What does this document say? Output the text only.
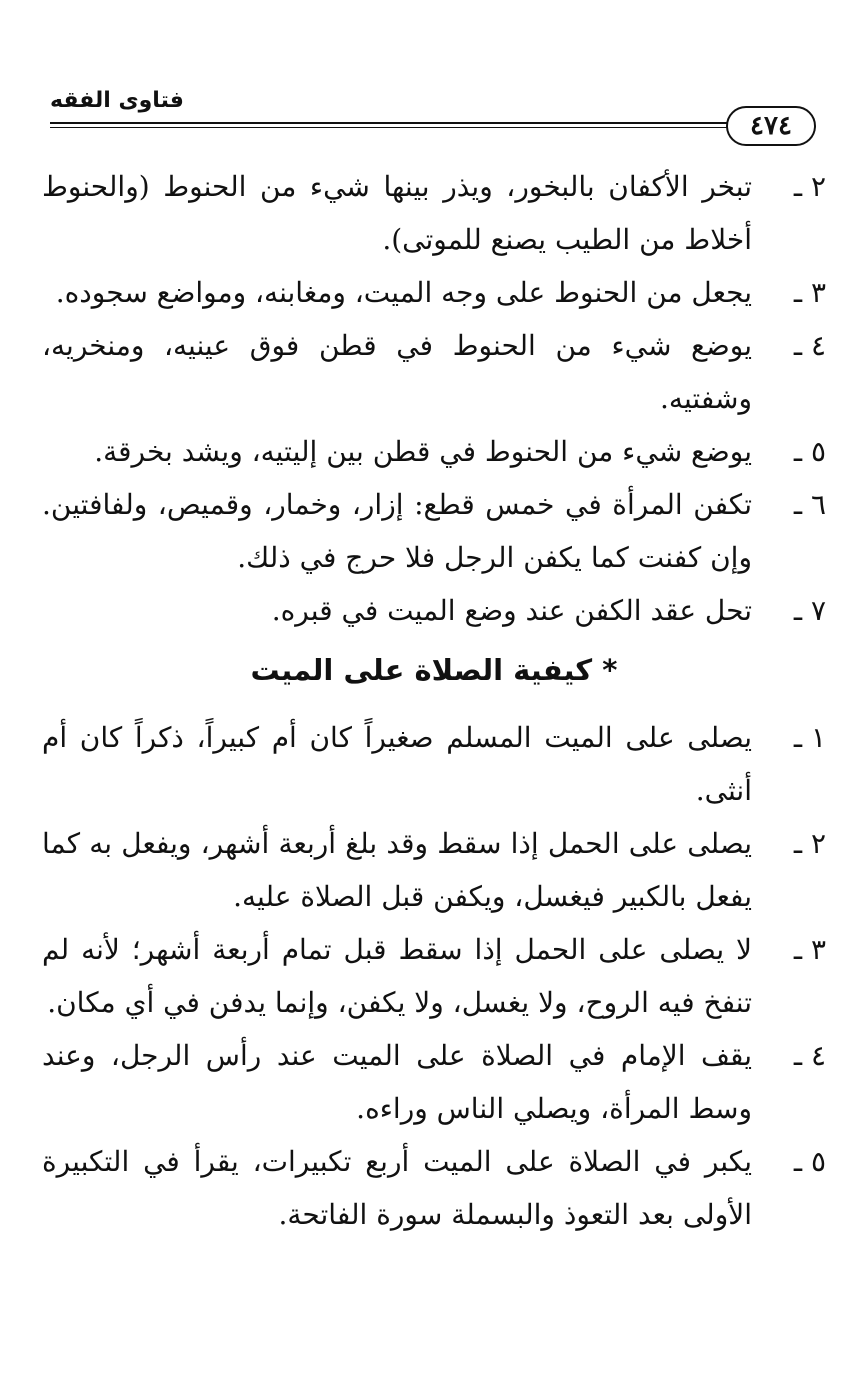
فتاوى الفقه
٤٧٤
٢ ـ
تبخر الأكفان بالبخور، ويذر بينها شيء من الحنوط (والحنوط أخلاط من الطيب يصنع للموتى).
٣ ـ
يجعل من الحنوط على وجه الميت، ومغابنه، ومواضع سجوده.
٤ ـ
يوضع شيء من الحنوط في قطن فوق عينيه، ومنخريه، وشفتيه.
٥ ـ
يوضع شيء من الحنوط في قطن بين إليتيه، ويشد بخرقة.
٦ ـ
تكفن المرأة في خمس قطع: إزار، وخمار، وقميص، ولفافتين. وإن كفنت كما يكفن الرجل فلا حرج في ذلك.
٧ ـ
تحل عقد الكفن عند وضع الميت في قبره.
* كيفية الصلاة على الميت
١ ـ
يصلى على الميت المسلم صغيراً كان أم كبيراً، ذكراً كان أم أنثى.
٢ ـ
يصلى على الحمل إذا سقط وقد بلغ أربعة أشهر، ويفعل به كما يفعل بالكبير فيغسل، ويكفن قبل الصلاة عليه.
٣ ـ
لا يصلى على الحمل إذا سقط قبل تمام أربعة أشهر؛ لأنه لم تنفخ فيه الروح، ولا يغسل، ولا يكفن، وإنما يدفن في أي مكان.
٤ ـ
يقف الإمام في الصلاة على الميت عند رأس الرجل، وعند وسط المرأة، ويصلي الناس وراءه.
٥ ـ
يكبر في الصلاة على الميت أربع تكبيرات، يقرأ في التكبيرة الأولى بعد التعوذ والبسملة سورة الفاتحة.
